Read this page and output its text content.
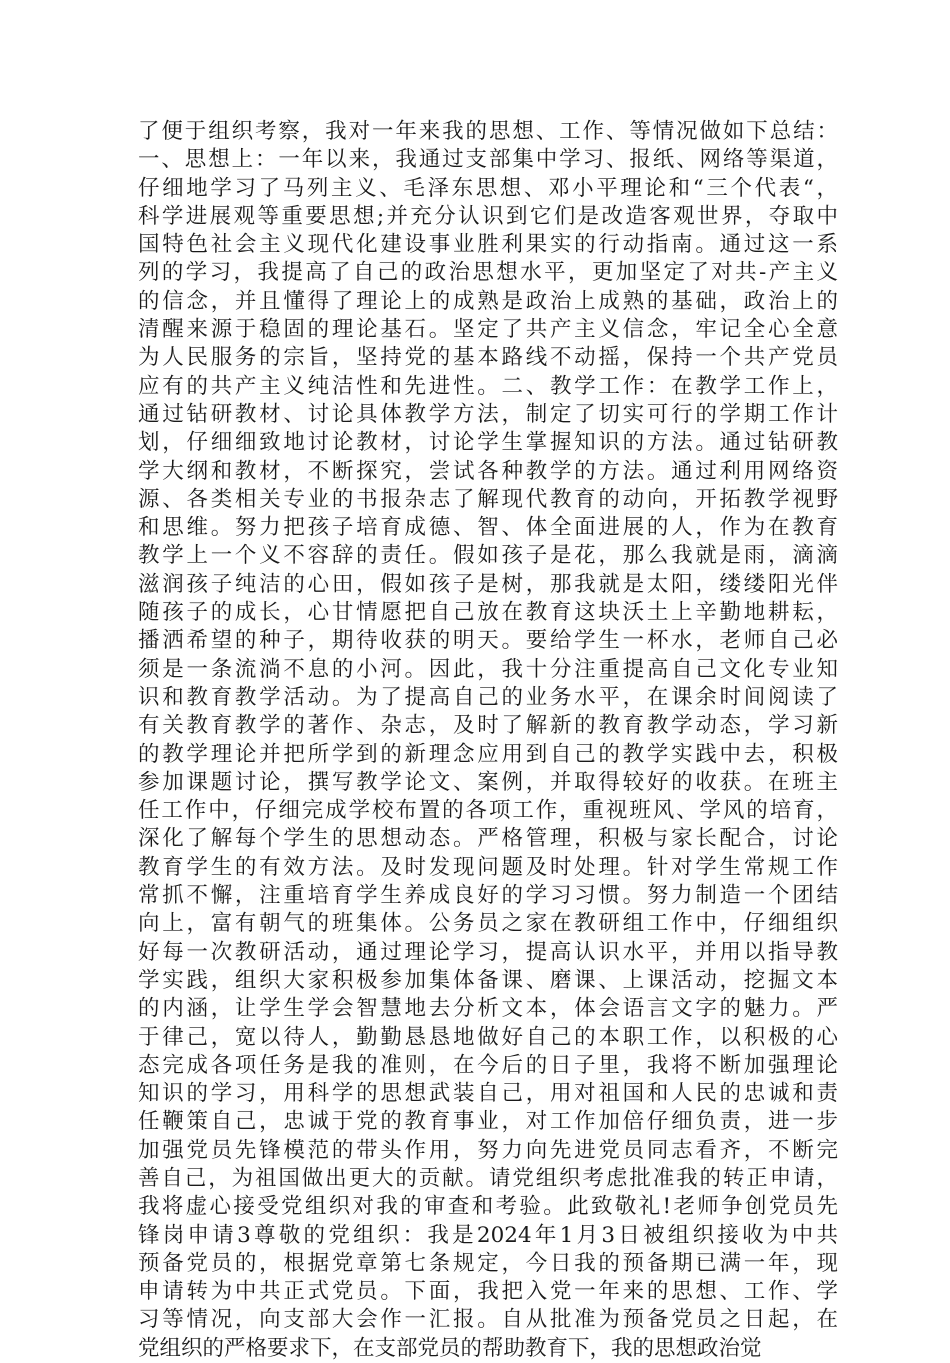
了便于组织考察，我对一年来我的思想、工作、等情况做如下总结：
一、思想上：一年以来，我通过支部集中学习、报纸、网络等渠道，
仔细地学习了马列主义、毛泽东思想、邓小平理论和“三个代表“，
科学进展观等重要思想;并充分认识到它们是改造客观世界，夺取中
国特色社会主义现代化建设事业胜利果实的行动指南。通过这一系
列的学习，我提高了自己的政治思想水平，更加坚定了对共-产主义
的信念，并且懂得了理论上的成熟是政治上成熟的基础，政治上的
清醒来源于稳固的理论基石。坚定了共产主义信念，牢记全心全意
为人民服务的宗旨，坚持党的基本路线不动摇，保持一个共产党员
应有的共产主义纯洁性和先进性。二、教学工作：在教学工作上，
通过钻研教材、讨论具体教学方法，制定了切实可行的学期工作计
划，仔细细致地讨论教材，讨论学生掌握知识的方法。通过钻研教
学大纲和教材，不断探究，尝试各种教学的方法。通过利用网络资
源、各类相关专业的书报杂志了解现代教育的动向，开拓教学视野
和思维。努力把孩子培育成德、智、体全面进展的人，作为在教育
教学上一个义不容辞的责任。假如孩子是花，那么我就是雨，滴滴
滋润孩子纯洁的心田，假如孩子是树，那我就是太阳，缕缕阳光伴
随孩子的成长，心甘情愿把自己放在教育这块沃土上辛勤地耕耘，
播洒希望的种子，期待收获的明天。要给学生一杯水，老师自己必
须是一条流淌不息的小河。因此，我十分注重提高自己文化专业知
识和教育教学活动。为了提高自己的业务水平，在课余时间阅读了
有关教育教学的著作、杂志，及时了解新的教育教学动态，学习新
的教学理论并把所学到的新理念应用到自己的教学实践中去，积极
参加课题讨论，撰写教学论文、案例，并取得较好的收获。在班主
任工作中，仔细完成学校布置的各项工作，重视班风、学风的培育，
深化了解每个学生的思想动态。严格管理，积极与家长配合，讨论
教育学生的有效方法。及时发现问题及时处理。针对学生常规工作
常抓不懈，注重培育学生养成良好的学习习惯。努力制造一个团结
向上，富有朝气的班集体。公务员之家在教研组工作中，仔细组织
好每一次教研活动，通过理论学习，提高认识水平，并用以指导教
学实践，组织大家积极参加集体备课、磨课、上课活动，挖掘文本
的内涵，让学生学会智慧地去分析文本，体会语言文字的魅力。严
于律己，宽以待人，勤勤恳恳地做好自己的本职工作，以积极的心
态完成各项任务是我的准则，在今后的日子里，我将不断加强理论
知识的学习，用科学的思想武装自己，用对祖国和人民的忠诚和责
任鞭策自己，忠诚于党的教育事业，对工作加倍仔细负责，进一步
加强党员先锋模范的带头作用，努力向先进党员同志看齐，不断完
善自己，为祖国做出更大的贡献。请党组织考虑批准我的转正申请，
我将虚心接受党组织对我的审查和考验。此致敬礼!老师争创党员先
锋岗申请3尊敬的党组织：我是2024年1月3日被组织接收为中共
预备党员的，根据党章第七条规定，今日我的预备期已满一年，现
申请转为中共正式党员。下面，我把入党一年来的思想、工作、学
习等情况，向支部大会作一汇报。自从批准为预备党员之日起，在
党组织的严格要求下，在支部党员的帮助教育下，我的思想政治觉
